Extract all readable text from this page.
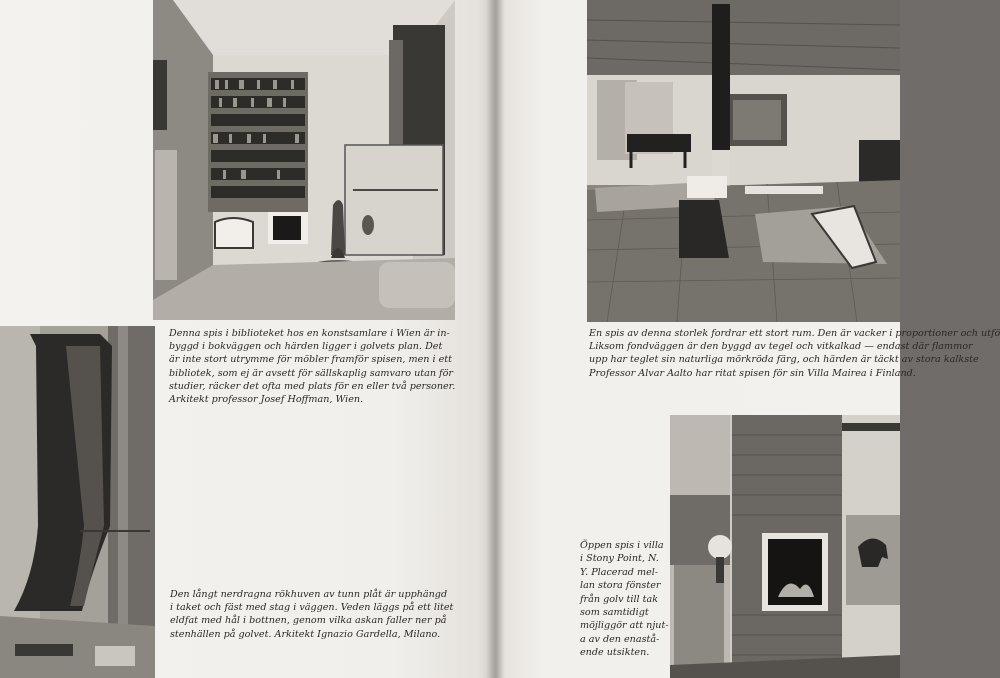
Denna spis i biblioteket hos en konstsamlare i Wien är in-
byggd i bokväggen och härden ligger i golvets plan. Det
är inte stort utrymme för möbler framför spisen, men i ett
bibliotek, som ej är avsett för sällskaplig samvaro utan för
studier, räcker det ofta med plats för en eller två personer.
Arkitekt professor Josef Hoffman, Wien.

Den långt nerdragna rökhuven av tunn plåt är upphängd
i taket och fäst med stag i väggen. Veden läggs på ett litet
eldfat med hål i bottnen, genom vilka askan faller ner på
stenhällen på golvet. Arkitekt Ignazio Gardella, Milano.

En spis av denna storlek fordrar ett stort rum. Den är vacker i proportioner och utfö
Liksom fondväggen är den byggd av tegel och vitkalkad — endast där flammor
upp har teglet sin naturliga mörkröda färg, och härden är täckt av stora kalkste
Professor Alvar Aalto har ritat spisen för sin Villa Mairea i Finland.

Öppen spis i villa
i Stony Point, N.
Y. Placerad mel-
lan stora fönster
från golv till tak
som samtidigt
möjliggör att njut-
a av den enastå-
ende utsikten.
